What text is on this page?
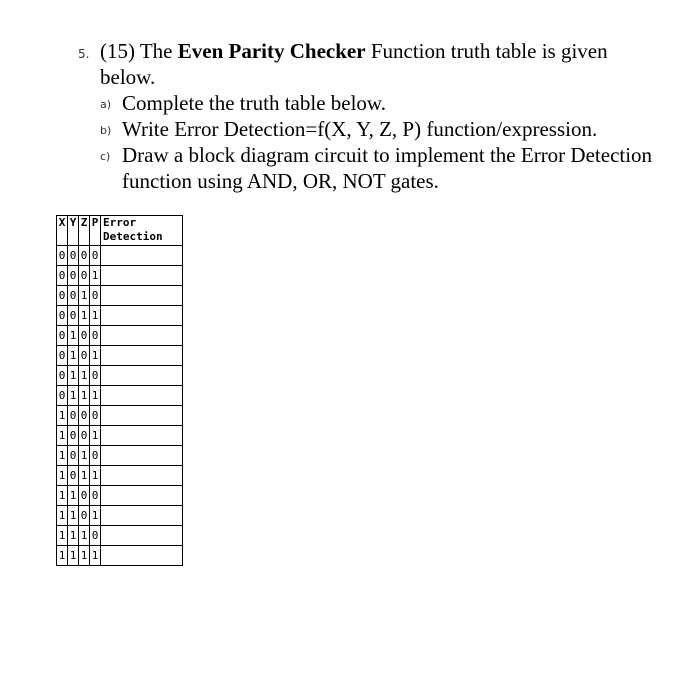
5. (15) The Even Parity Checker Function truth table is given below.
a) Complete the truth table below.
b) Write Error Detection=f(X, Y, Z, P) function/expression.
c) Draw a block diagram circuit to implement the Error Detection function using AND, OR, NOT gates.
X	Y	Z	P	Error
Detection
0	0	0	0	
0	0	0	1	
0	0	1	0	
0	0	1	1	
0	1	0	0	
0	1	0	1	
0	1	1	0	
0	1	1	1	
1	0	0	0	
1	0	0	1	
1	0	1	0	
1	0	1	1	
1	1	0	0	
1	1	0	1	
1	1	1	0	
1	1	1	1	
